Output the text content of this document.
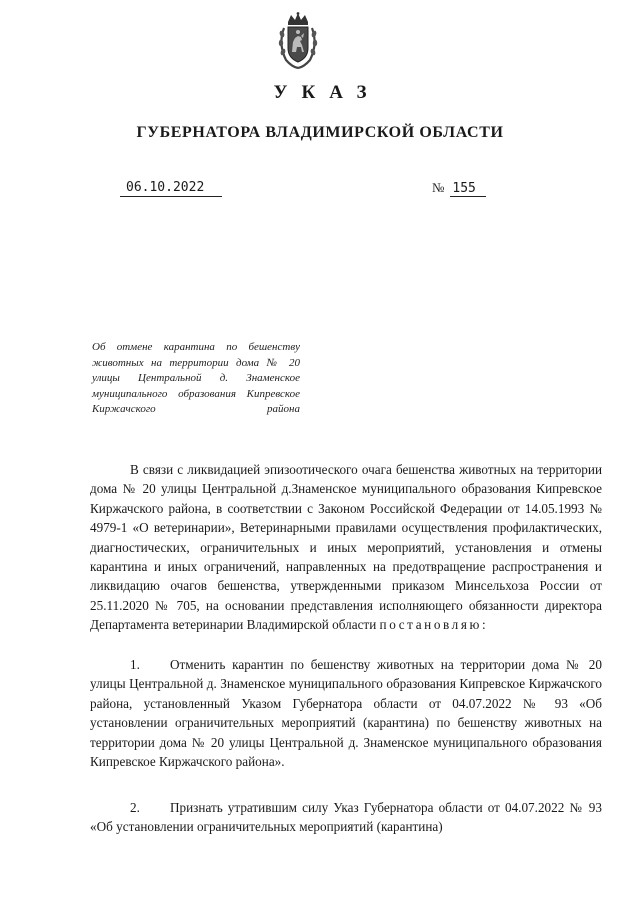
УКАЗ
ГУБЕРНАТОРА ВЛАДИМИРСКОЙ ОБЛАСТИ
06.10.2022	№ 155
Об отмене карантина по бешенству животных на территории дома № 20 улицы Центральной д. Знаменское муниципального образования Кипревское Киржачского района

В связи с ликвидацией эпизоотического очага бешенства животных на территории дома № 20 улицы Центральной д.Знаменское муниципального образования Кипревское Киржачского района, в соответствии с Законом Российской Федерации от 14.05.1993 № 4979-1 «О ветеринарии», Ветеринарными правилами осуществления профилактических, диагностических, ограничительных и иных мероприятий, установления и отмены карантина и иных ограничений, направленных на предотвращение распространения и ликвидацию очагов бешенства, утвержденными приказом Минсельхоза России от 25.11.2020 № 705, на основании представления исполняющего обязанности директора Департамента ветеринарии Владимирской области постановляю:

1. Отменить карантин по бешенству животных на территории дома № 20 улицы Центральной д. Знаменское муниципального образования Кипревское Киржачского района, установленный Указом Губернатора области от 04.07.2022 № 93 «Об установлении ограничительных мероприятий (карантина) по бешенству животных на территории дома № 20 улицы Центральной д. Знаменское муниципального образования Кипревское Киржачского района».

2. Признать утратившим силу Указ Губернатора области от 04.07.2022 № 93 «Об установлении ограничительных мероприятий (карантина)
